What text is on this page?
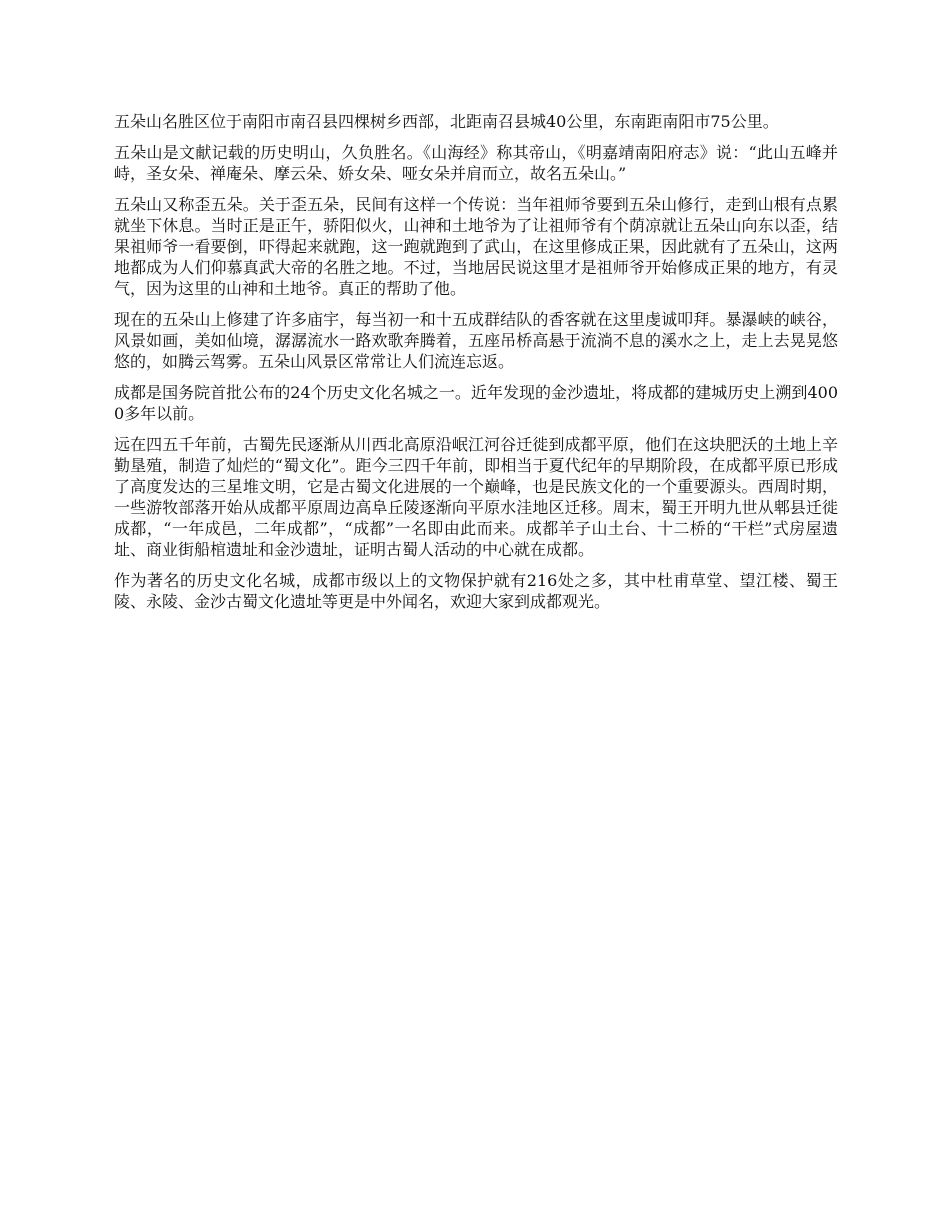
五朵山名胜区位于南阳市南召县四棵树乡西部，北距南召县城40公里，东南距南阳市75公里。

五朵山是文献记载的历史明山，久负胜名。《山海经》称其帝山，《明嘉靖南阳府志》说：“此山五峰并峙，圣女朵、禅庵朵、摩云朵、娇女朵、哑女朵并肩而立，故名五朵山。”

五朵山又称歪五朵。关于歪五朵，民间有这样一个传说：当年祖师爷要到五朵山修行，走到山根有点累就坐下休息。当时正是正午，骄阳似火，山神和土地爷为了让祖师爷有个荫凉就让五朵山向东以歪，结果祖师爷一看要倒，吓得起来就跑，这一跑就跑到了武山，在这里修成正果，因此就有了五朵山，这两地都成为人们仰慕真武大帝的名胜之地。不过，当地居民说这里才是祖师爷开始修成正果的地方，有灵气，因为这里的山神和土地爷。真正的帮助了他。

现在的五朵山上修建了许多庙宇，每当初一和十五成群结队的香客就在这里虔诚叩拜。暴瀑峡的峡谷，风景如画，美如仙境，潺潺流水一路欢歌奔腾着，五座吊桥高悬于流淌不息的溪水之上，走上去晃晃悠悠的，如腾云驾雾。五朵山风景区常常让人们流连忘返。

成都是国务院首批公布的24个历史文化名城之一。近年发现的金沙遗址，将成都的建城历史上溯到4000多年以前。

远在四五千年前，古蜀先民逐渐从川西北高原沿岷江河谷迁徙到成都平原，他们在这块肥沃的土地上辛勤垦殖，制造了灿烂的“蜀文化”。距今三四千年前，即相当于夏代纪年的早期阶段，在成都平原已形成了高度发达的三星堆文明，它是古蜀文化进展的一个巅峰，也是民族文化的一个重要源头。西周时期，一些游牧部落开始从成都平原周边高阜丘陵逐渐向平原水洼地区迁移。周末，蜀王开明九世从郫县迁徙成都，“一年成邑，二年成都”，“成都”一名即由此而来。成都羊子山土台、十二桥的“干栏”式房屋遗址、商业街船棺遗址和金沙遗址，证明古蜀人活动的中心就在成都。

作为著名的历史文化名城，成都市级以上的文物保护就有216处之多，其中杜甫草堂、望江楼、蜀王陵、永陵、金沙古蜀文化遗址等更是中外闻名，欢迎大家到成都观光。
